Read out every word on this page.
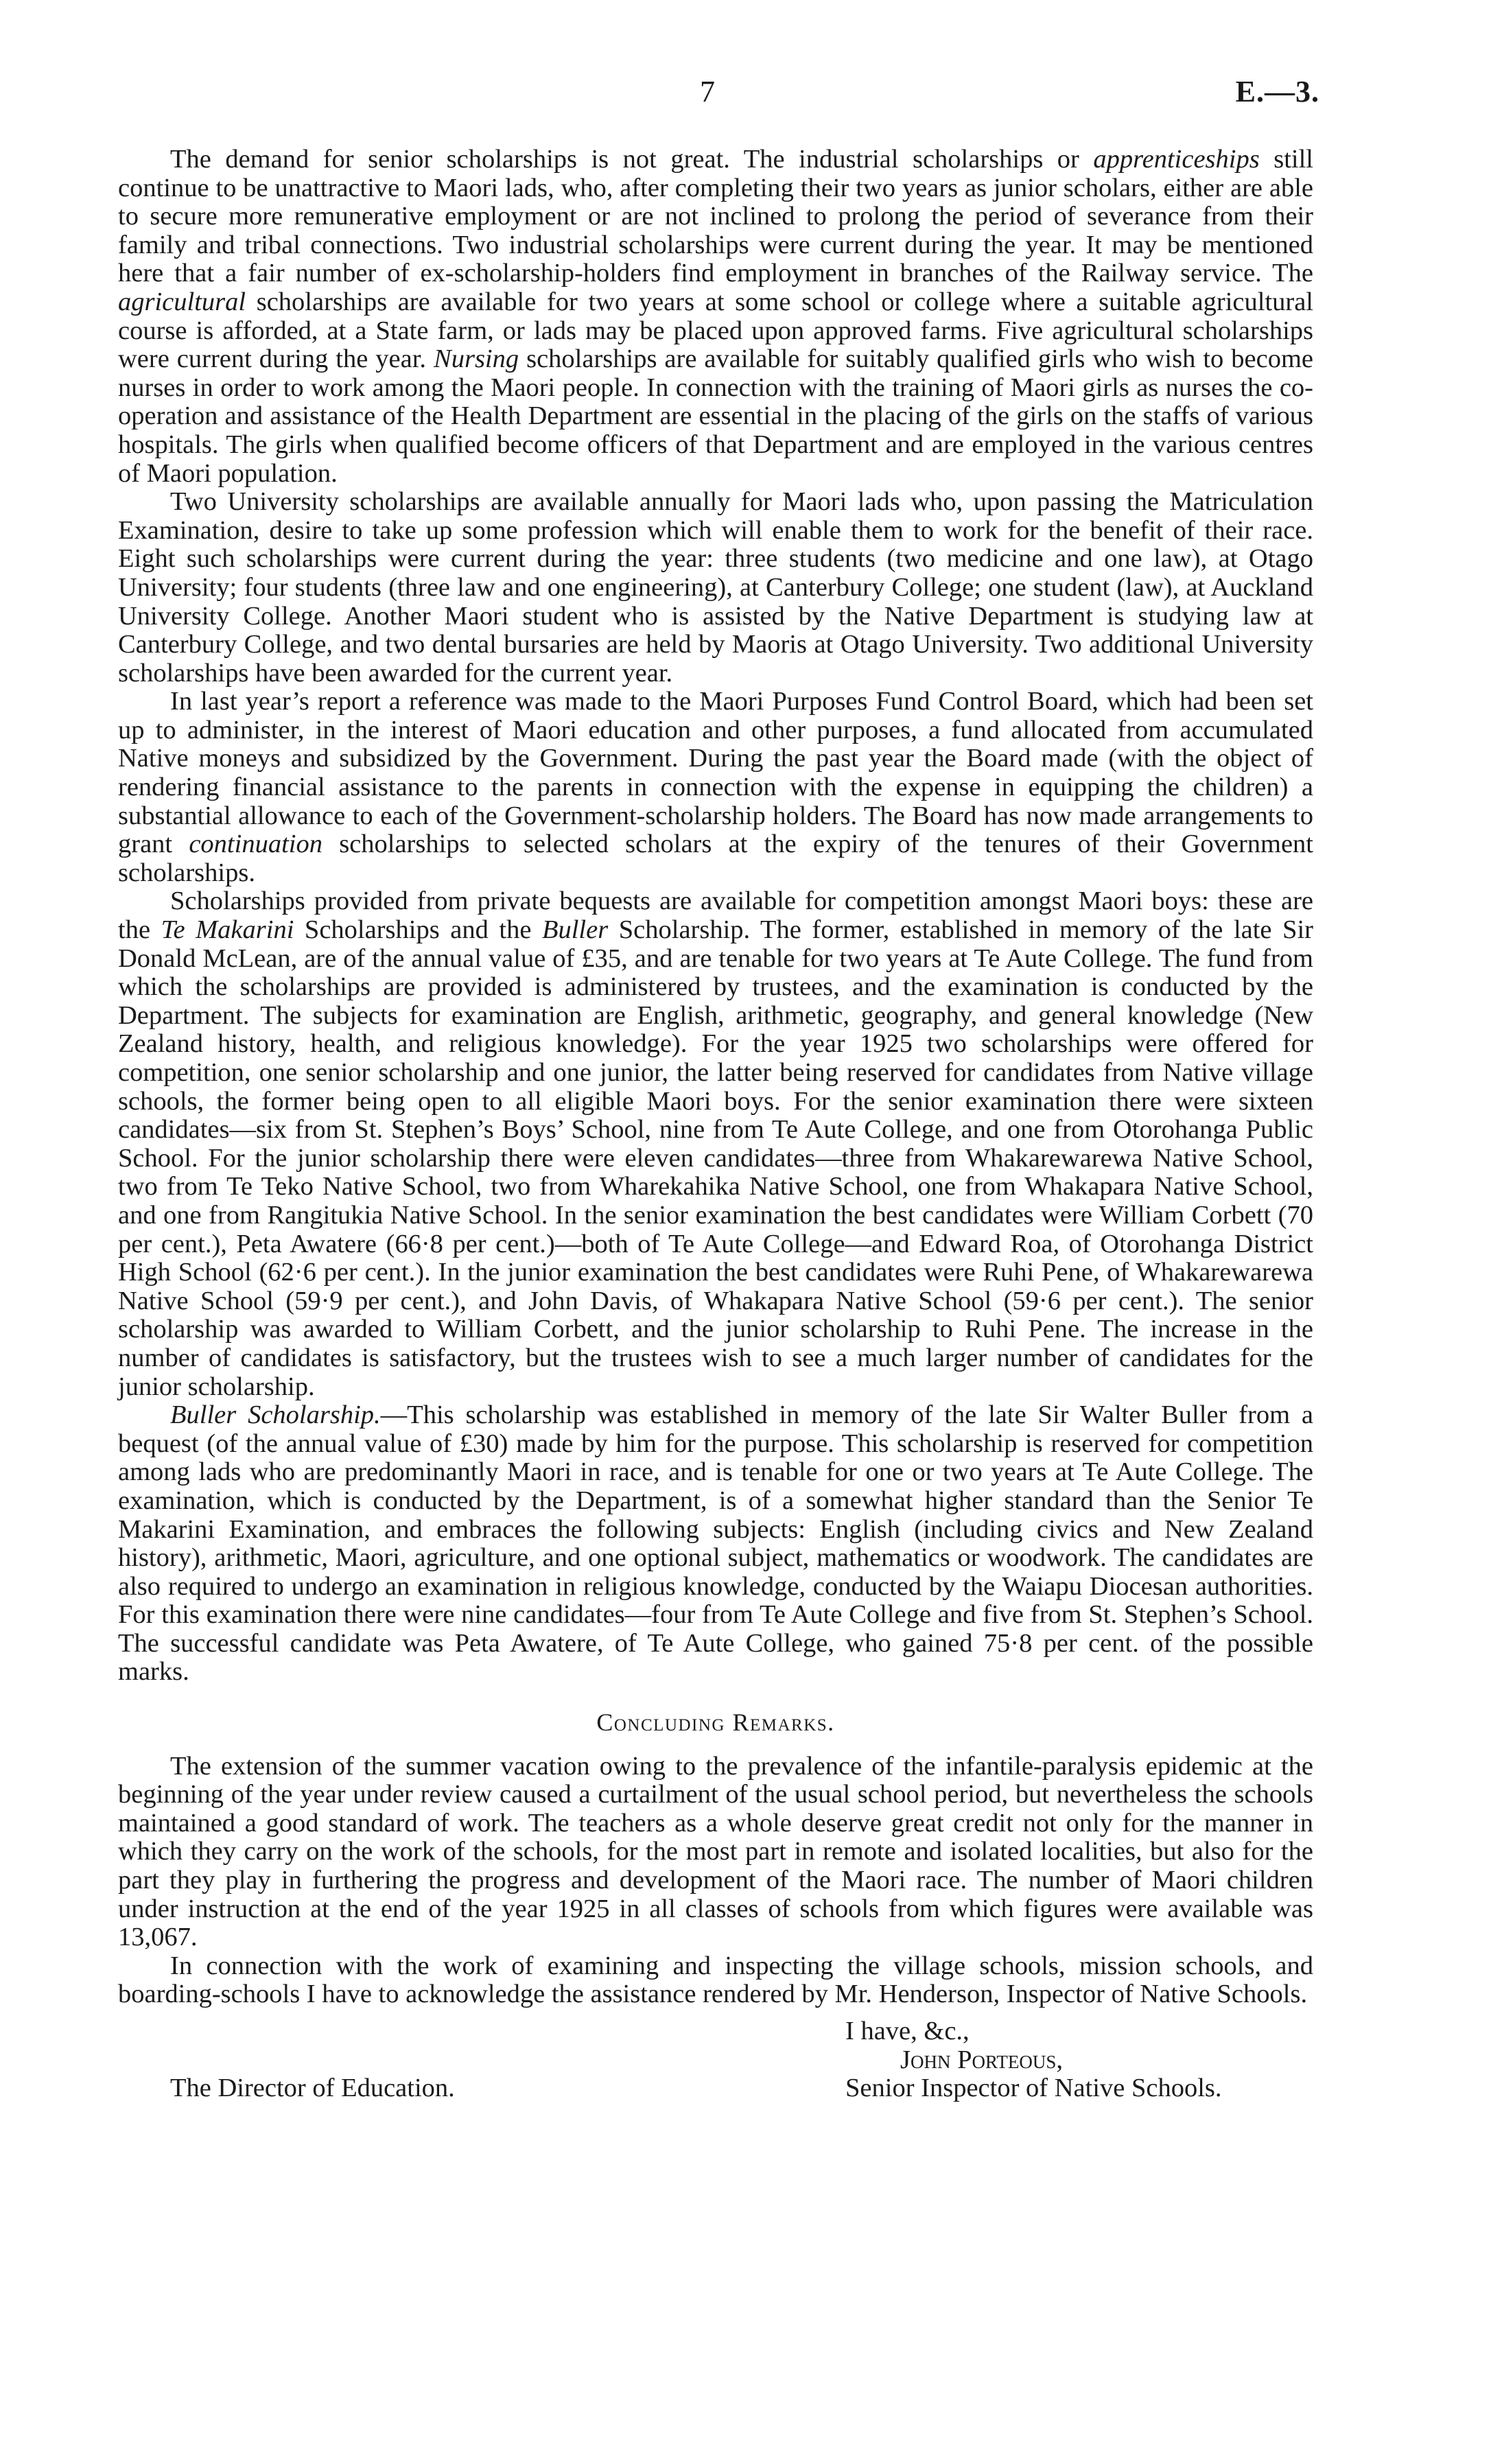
7	E.—3.

The demand for senior scholarships is not great. The industrial scholarships or apprenticeships still continue to be unattractive to Maori lads, who, after completing their two years as junior scholars, either are able to secure more remunerative employment or are not inclined to prolong the period of severance from their family and tribal connections. Two industrial scholarships were current during the year. It may be mentioned here that a fair number of ex-scholarship-holders find employment in branches of the Railway service. The agricultural scholarships are available for two years at some school or college where a suitable agricultural course is afforded, at a State farm, or lads may be placed upon approved farms. Five agricultural scholarships were current during the year. Nursing scholarships are available for suitably qualified girls who wish to become nurses in order to work among the Maori people. In connection with the training of Maori girls as nurses the co-operation and assistance of the Health Department are essential in the placing of the girls on the staffs of various hospitals. The girls when qualified become officers of that Department and are employed in the various centres of Maori population.

Two University scholarships are available annually for Maori lads who, upon passing the Matriculation Examination, desire to take up some profession which will enable them to work for the benefit of their race. Eight such scholarships were current during the year: three students (two medicine and one law), at Otago University; four students (three law and one engineering), at Canterbury College; one student (law), at Auckland University College. Another Maori student who is assisted by the Native Department is studying law at Canterbury College, and two dental bursaries are held by Maoris at Otago University. Two additional University scholarships have been awarded for the current year.

In last year’s report a reference was made to the Maori Purposes Fund Control Board, which had been set up to administer, in the interest of Maori education and other purposes, a fund allocated from accumulated Native moneys and subsidized by the Government. During the past year the Board made (with the object of rendering financial assistance to the parents in connection with the expense in equipping the children) a substantial allowance to each of the Government-scholarship holders. The Board has now made arrangements to grant continuation scholarships to selected scholars at the expiry of the tenures of their Government scholarships.

Scholarships provided from private bequests are available for competition amongst Maori boys: these are the Te Makarini Scholarships and the Buller Scholarship. The former, established in memory of the late Sir Donald McLean, are of the annual value of £35, and are tenable for two years at Te Aute College. The fund from which the scholarships are provided is administered by trustees, and the examination is conducted by the Department. The subjects for examination are English, arithmetic, geography, and general knowledge (New Zealand history, health, and religious knowledge). For the year 1925 two scholarships were offered for competition, one senior scholarship and one junior, the latter being reserved for candidates from Native village schools, the former being open to all eligible Maori boys. For the senior examination there were sixteen candidates—six from St. Stephen’s Boys’ School, nine from Te Aute College, and one from Otorohanga Public School. For the junior scholarship there were eleven candidates—three from Whakarewarewa Native School, two from Te Teko Native School, two from Wharekahika Native School, one from Whakapara Native School, and one from Rangitukia Native School. In the senior examination the best candidates were William Corbett (70 per cent.), Peta Awatere (66·8 per cent.)—both of Te Aute College—and Edward Roa, of Otorohanga District High School (62·6 per cent.). In the junior examination the best candidates were Ruhi Pene, of Whakarewarewa Native School (59·9 per cent.), and John Davis, of Whakapara Native School (59·6 per cent.). The senior scholarship was awarded to William Corbett, and the junior scholarship to Ruhi Pene. The increase in the number of candidates is satisfactory, but the trustees wish to see a much larger number of candidates for the junior scholarship.

Buller Scholarship.—This scholarship was established in memory of the late Sir Walter Buller from a bequest (of the annual value of £30) made by him for the purpose. This scholarship is reserved for competition among lads who are predominantly Maori in race, and is tenable for one or two years at Te Aute College. The examination, which is conducted by the Department, is of a somewhat higher standard than the Senior Te Makarini Examination, and embraces the following subjects: English (including civics and New Zealand history), arithmetic, Maori, agriculture, and one optional subject, mathematics or woodwork. The candidates are also required to undergo an examination in religious knowledge, conducted by the Waiapu Diocesan authorities. For this examination there were nine candidates—four from Te Aute College and five from St. Stephen’s School. The successful candidate was Peta Awatere, of Te Aute College, who gained 75·8 per cent. of the possible marks.

Concluding Remarks.

The extension of the summer vacation owing to the prevalence of the infantile-paralysis epidemic at the beginning of the year under review caused a curtailment of the usual school period, but nevertheless the schools maintained a good standard of work. The teachers as a whole deserve great credit not only for the manner in which they carry on the work of the schools, for the most part in remote and isolated localities, but also for the part they play in furthering the progress and development of the Maori race. The number of Maori children under instruction at the end of the year 1925 in all classes of schools from which figures were available was 13,067.

In connection with the work of examining and inspecting the village schools, mission schools, and boarding-schools I have to acknowledge the assistance rendered by Mr. Henderson, Inspector of Native Schools.

I have, &c.,
John Porteous,
Senior Inspector of Native Schools.
The Director of Education.
